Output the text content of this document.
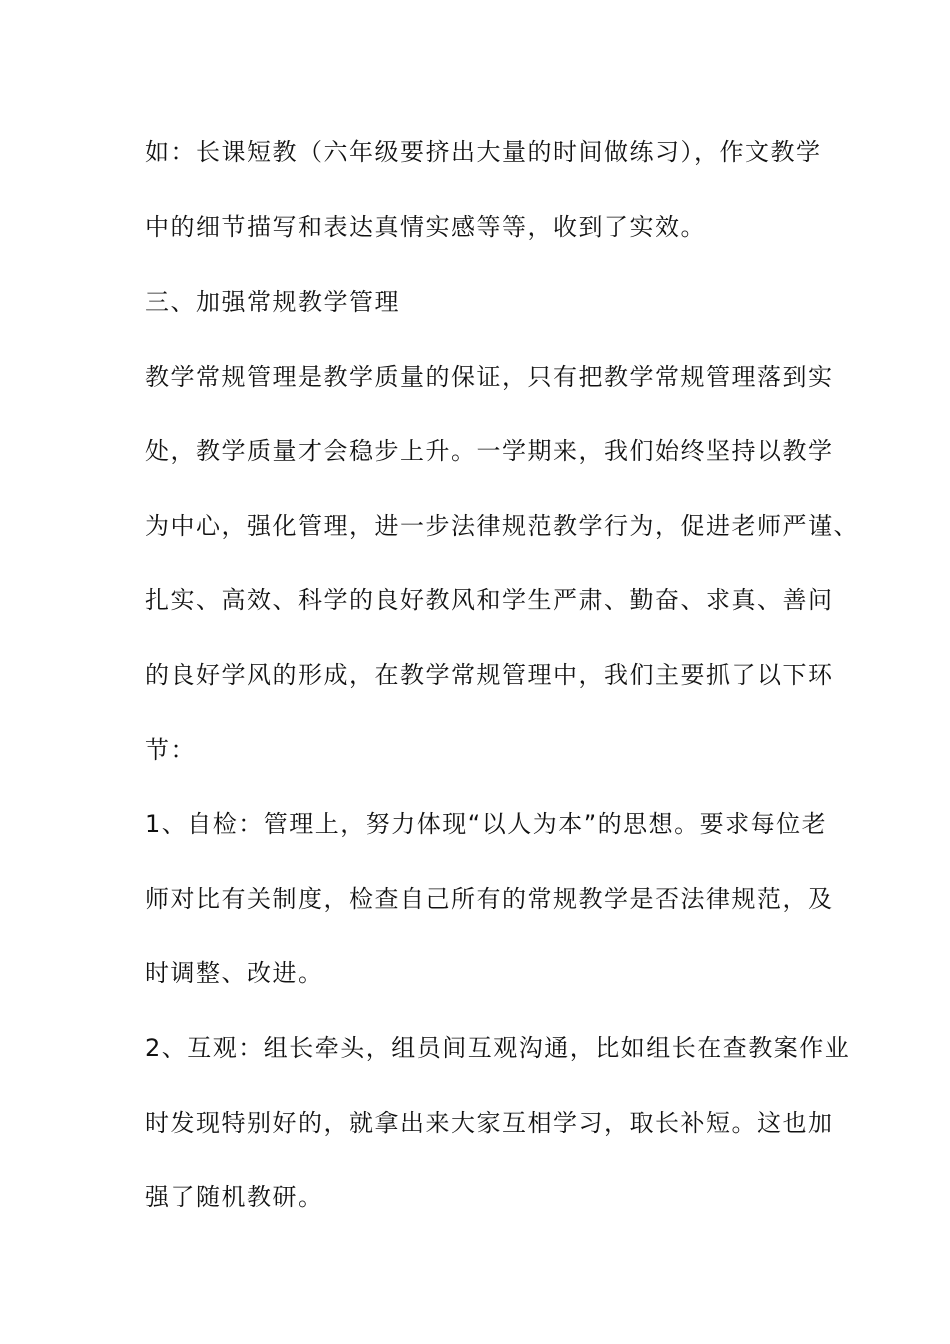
如：长课短教（六年级要挤出大量的时间做练习），作文教学
中的细节描写和表达真情实感等等，收到了实效。
三、加强常规教学管理
教学常规管理是教学质量的保证，只有把教学常规管理落到实
处，教学质量才会稳步上升。一学期来，我们始终坚持以教学
为中心，强化管理，进一步法律规范教学行为，促进老师严谨、
扎实、高效、科学的良好教风和学生严肃、勤奋、求真、善问
的良好学风的形成，在教学常规管理中，我们主要抓了以下环
节：
1、自检：管理上，努力体现“以人为本”的思想。要求每位老
师对比有关制度，检查自己所有的常规教学是否法律规范，及
时调整、改进。
2、互观：组长牵头，组员间互观沟通，比如组长在查教案作业
时发现特别好的，就拿出来大家互相学习，取长补短。这也加
强了随机教研。
